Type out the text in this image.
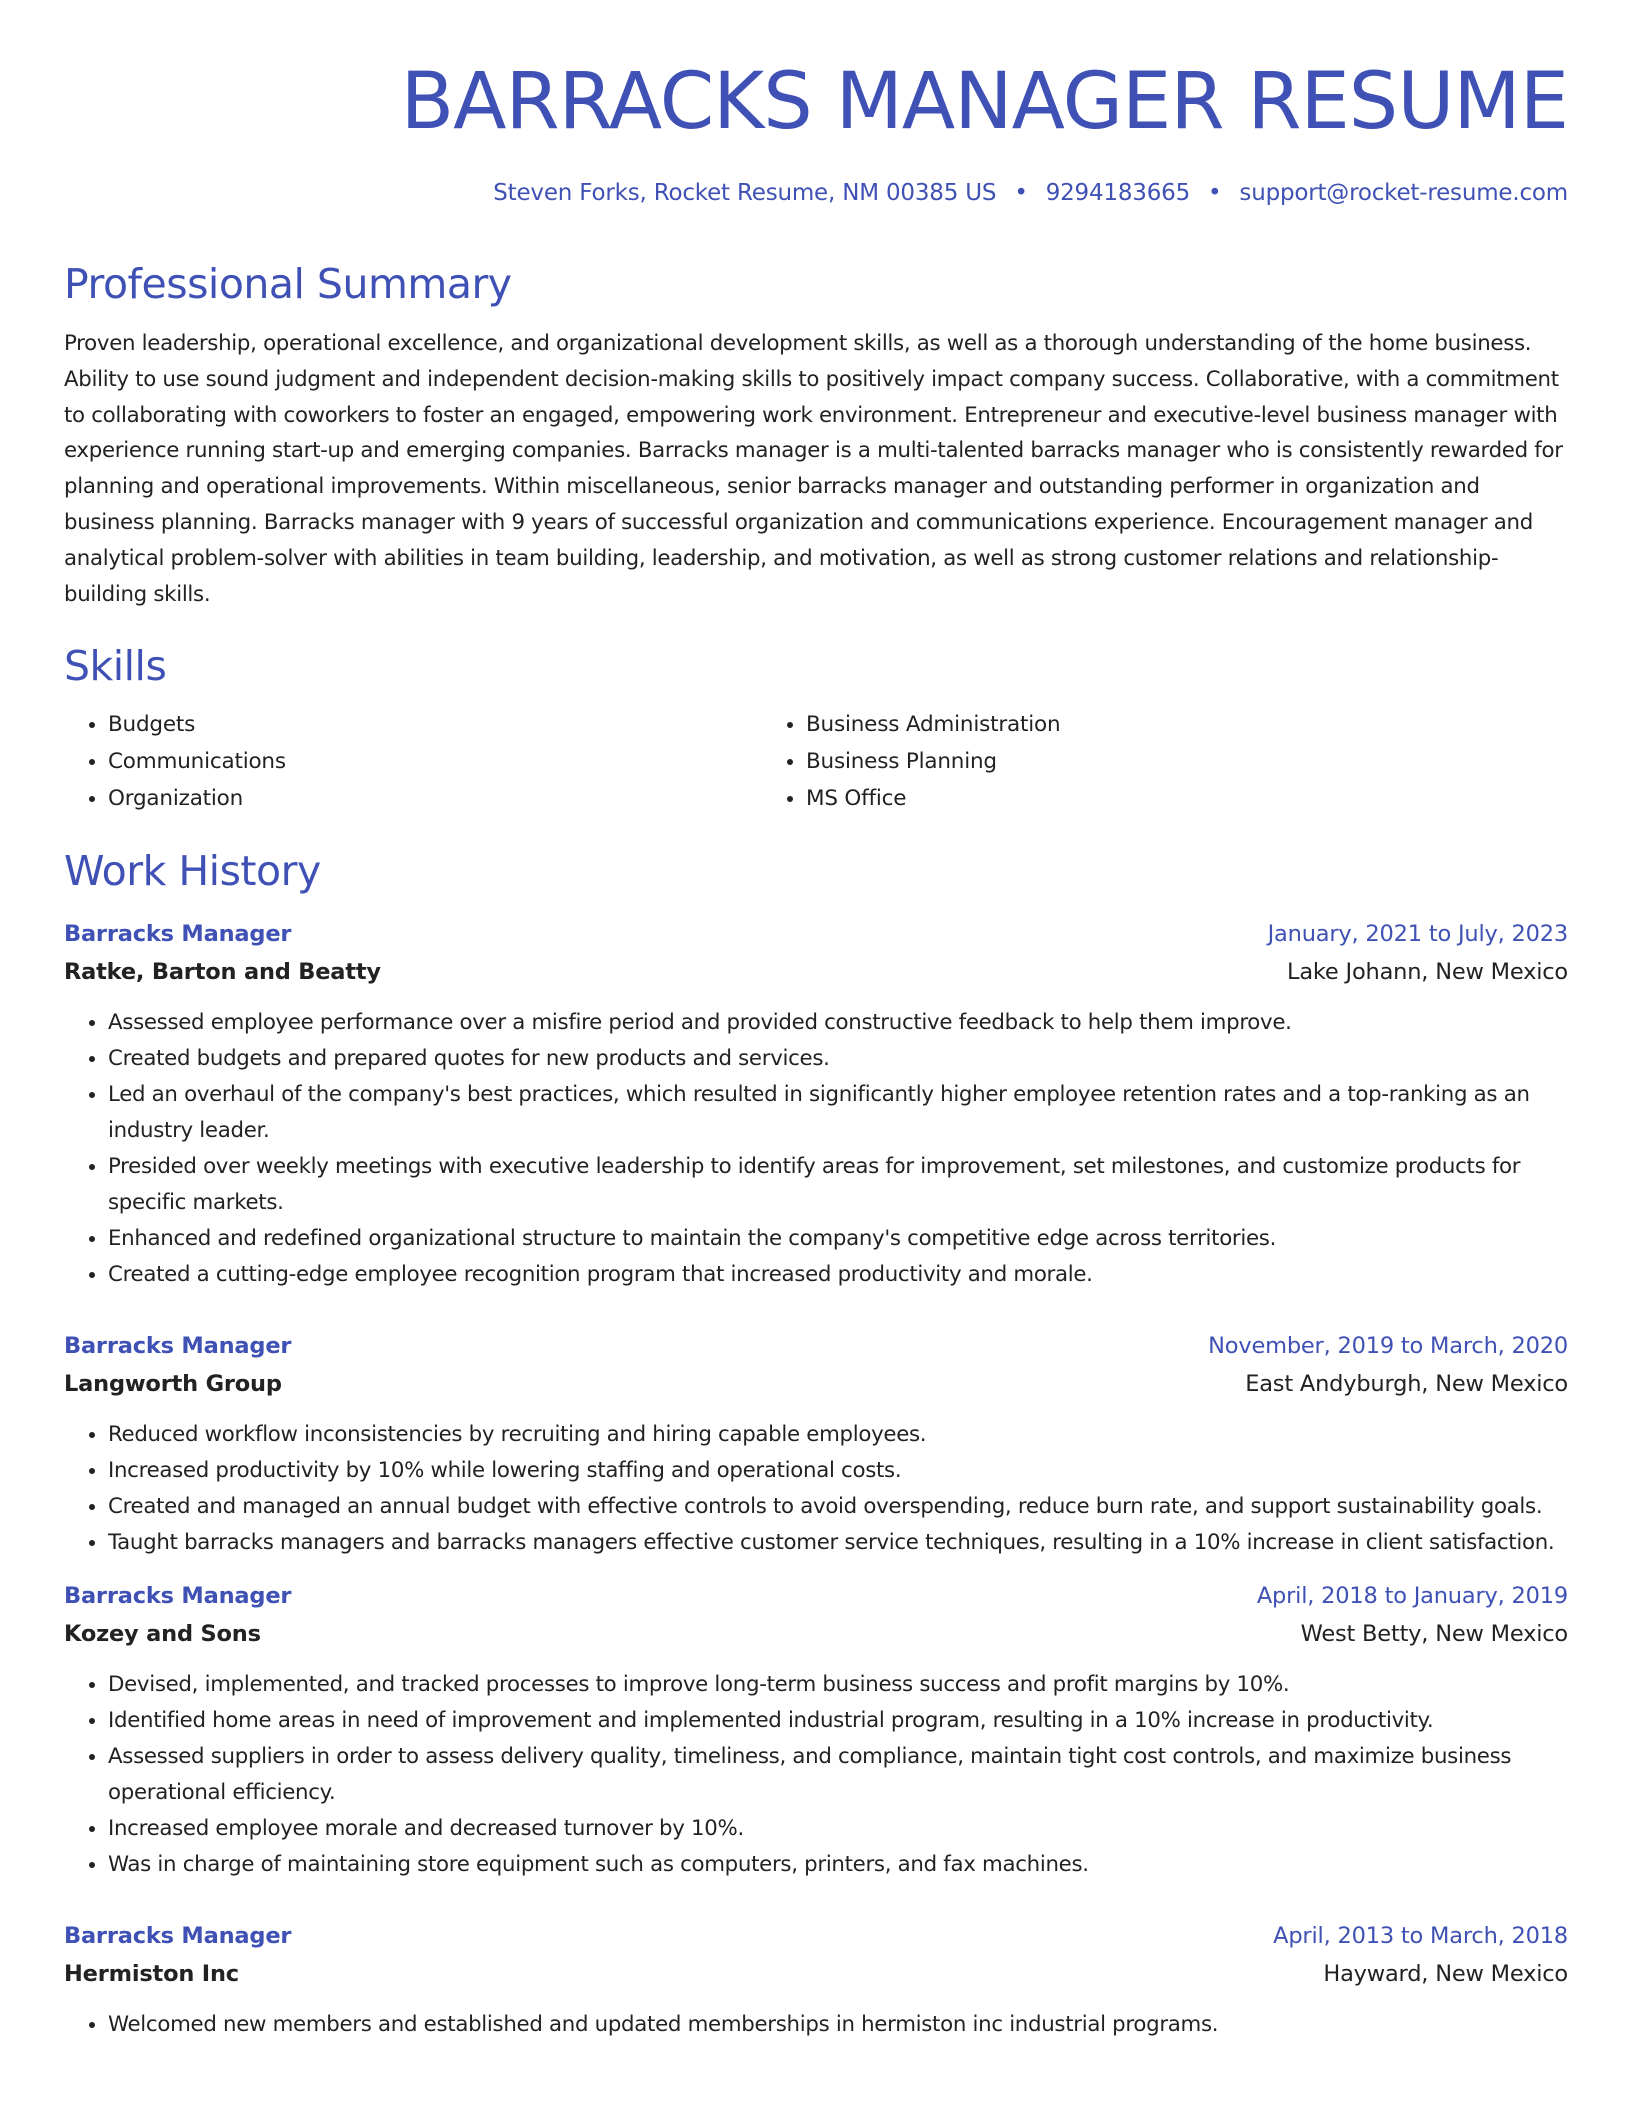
BARRACKS MANAGER RESUME
Steven Forks, Rocket Resume, NM 00385 US • 9294183665 • support@rocket-resume.com
Professional Summary

Proven leadership, operational excellence, and organizational development skills, as well as a thorough understanding of the home business. Ability to use sound judgment and independent decision-making skills to positively impact company success. Collaborative, with a commitment to collaborating with coworkers to foster an engaged, empowering work environment. Entrepreneur and executive-level business manager with experience running start-up and emerging companies. Barracks manager is a multi-talented barracks manager who is consistently rewarded for planning and operational improvements. Within miscellaneous, senior barracks manager and outstanding performer in organization and business planning. Barracks manager with 9 years of successful organization and communications experience. Encouragement manager and analytical problem-solver with abilities in team building, leadership, and motivation, as well as strong customer relations and relationship-building skills.

Skills
• Budgets
• Communications
• Organization
• Business Administration
• Business Planning
• MS Office
Work History
Barracks Manager	January, 2021 to July, 2023
Ratke, Barton and Beatty	Lake Johann, New Mexico
• Assessed employee performance over a misfire period and provided constructive feedback to help them improve.
• Created budgets and prepared quotes for new products and services.
• Led an overhaul of the company's best practices, which resulted in significantly higher employee retention rates and a top-ranking as an industry leader.
• Presided over weekly meetings with executive leadership to identify areas for improvement, set milestones, and customize products for specific markets.
• Enhanced and redefined organizational structure to maintain the company's competitive edge across territories.
• Created a cutting-edge employee recognition program that increased productivity and morale.
Barracks Manager	November, 2019 to March, 2020
Langworth Group	East Andyburgh, New Mexico
• Reduced workflow inconsistencies by recruiting and hiring capable employees.
• Increased productivity by 10% while lowering staffing and operational costs.
• Created and managed an annual budget with effective controls to avoid overspending, reduce burn rate, and support sustainability goals.
• Taught barracks managers and barracks managers effective customer service techniques, resulting in a 10% increase in client satisfaction.
Barracks Manager	April, 2018 to January, 2019
Kozey and Sons	West Betty, New Mexico
• Devised, implemented, and tracked processes to improve long-term business success and profit margins by 10%.
• Identified home areas in need of improvement and implemented industrial program, resulting in a 10% increase in productivity.
• Assessed suppliers in order to assess delivery quality, timeliness, and compliance, maintain tight cost controls, and maximize business operational efficiency.
• Increased employee morale and decreased turnover by 10%.
• Was in charge of maintaining store equipment such as computers, printers, and fax machines.
Barracks Manager	April, 2013 to March, 2018
Hermiston Inc	Hayward, New Mexico
• Welcomed new members and established and updated memberships in hermiston inc industrial programs.
